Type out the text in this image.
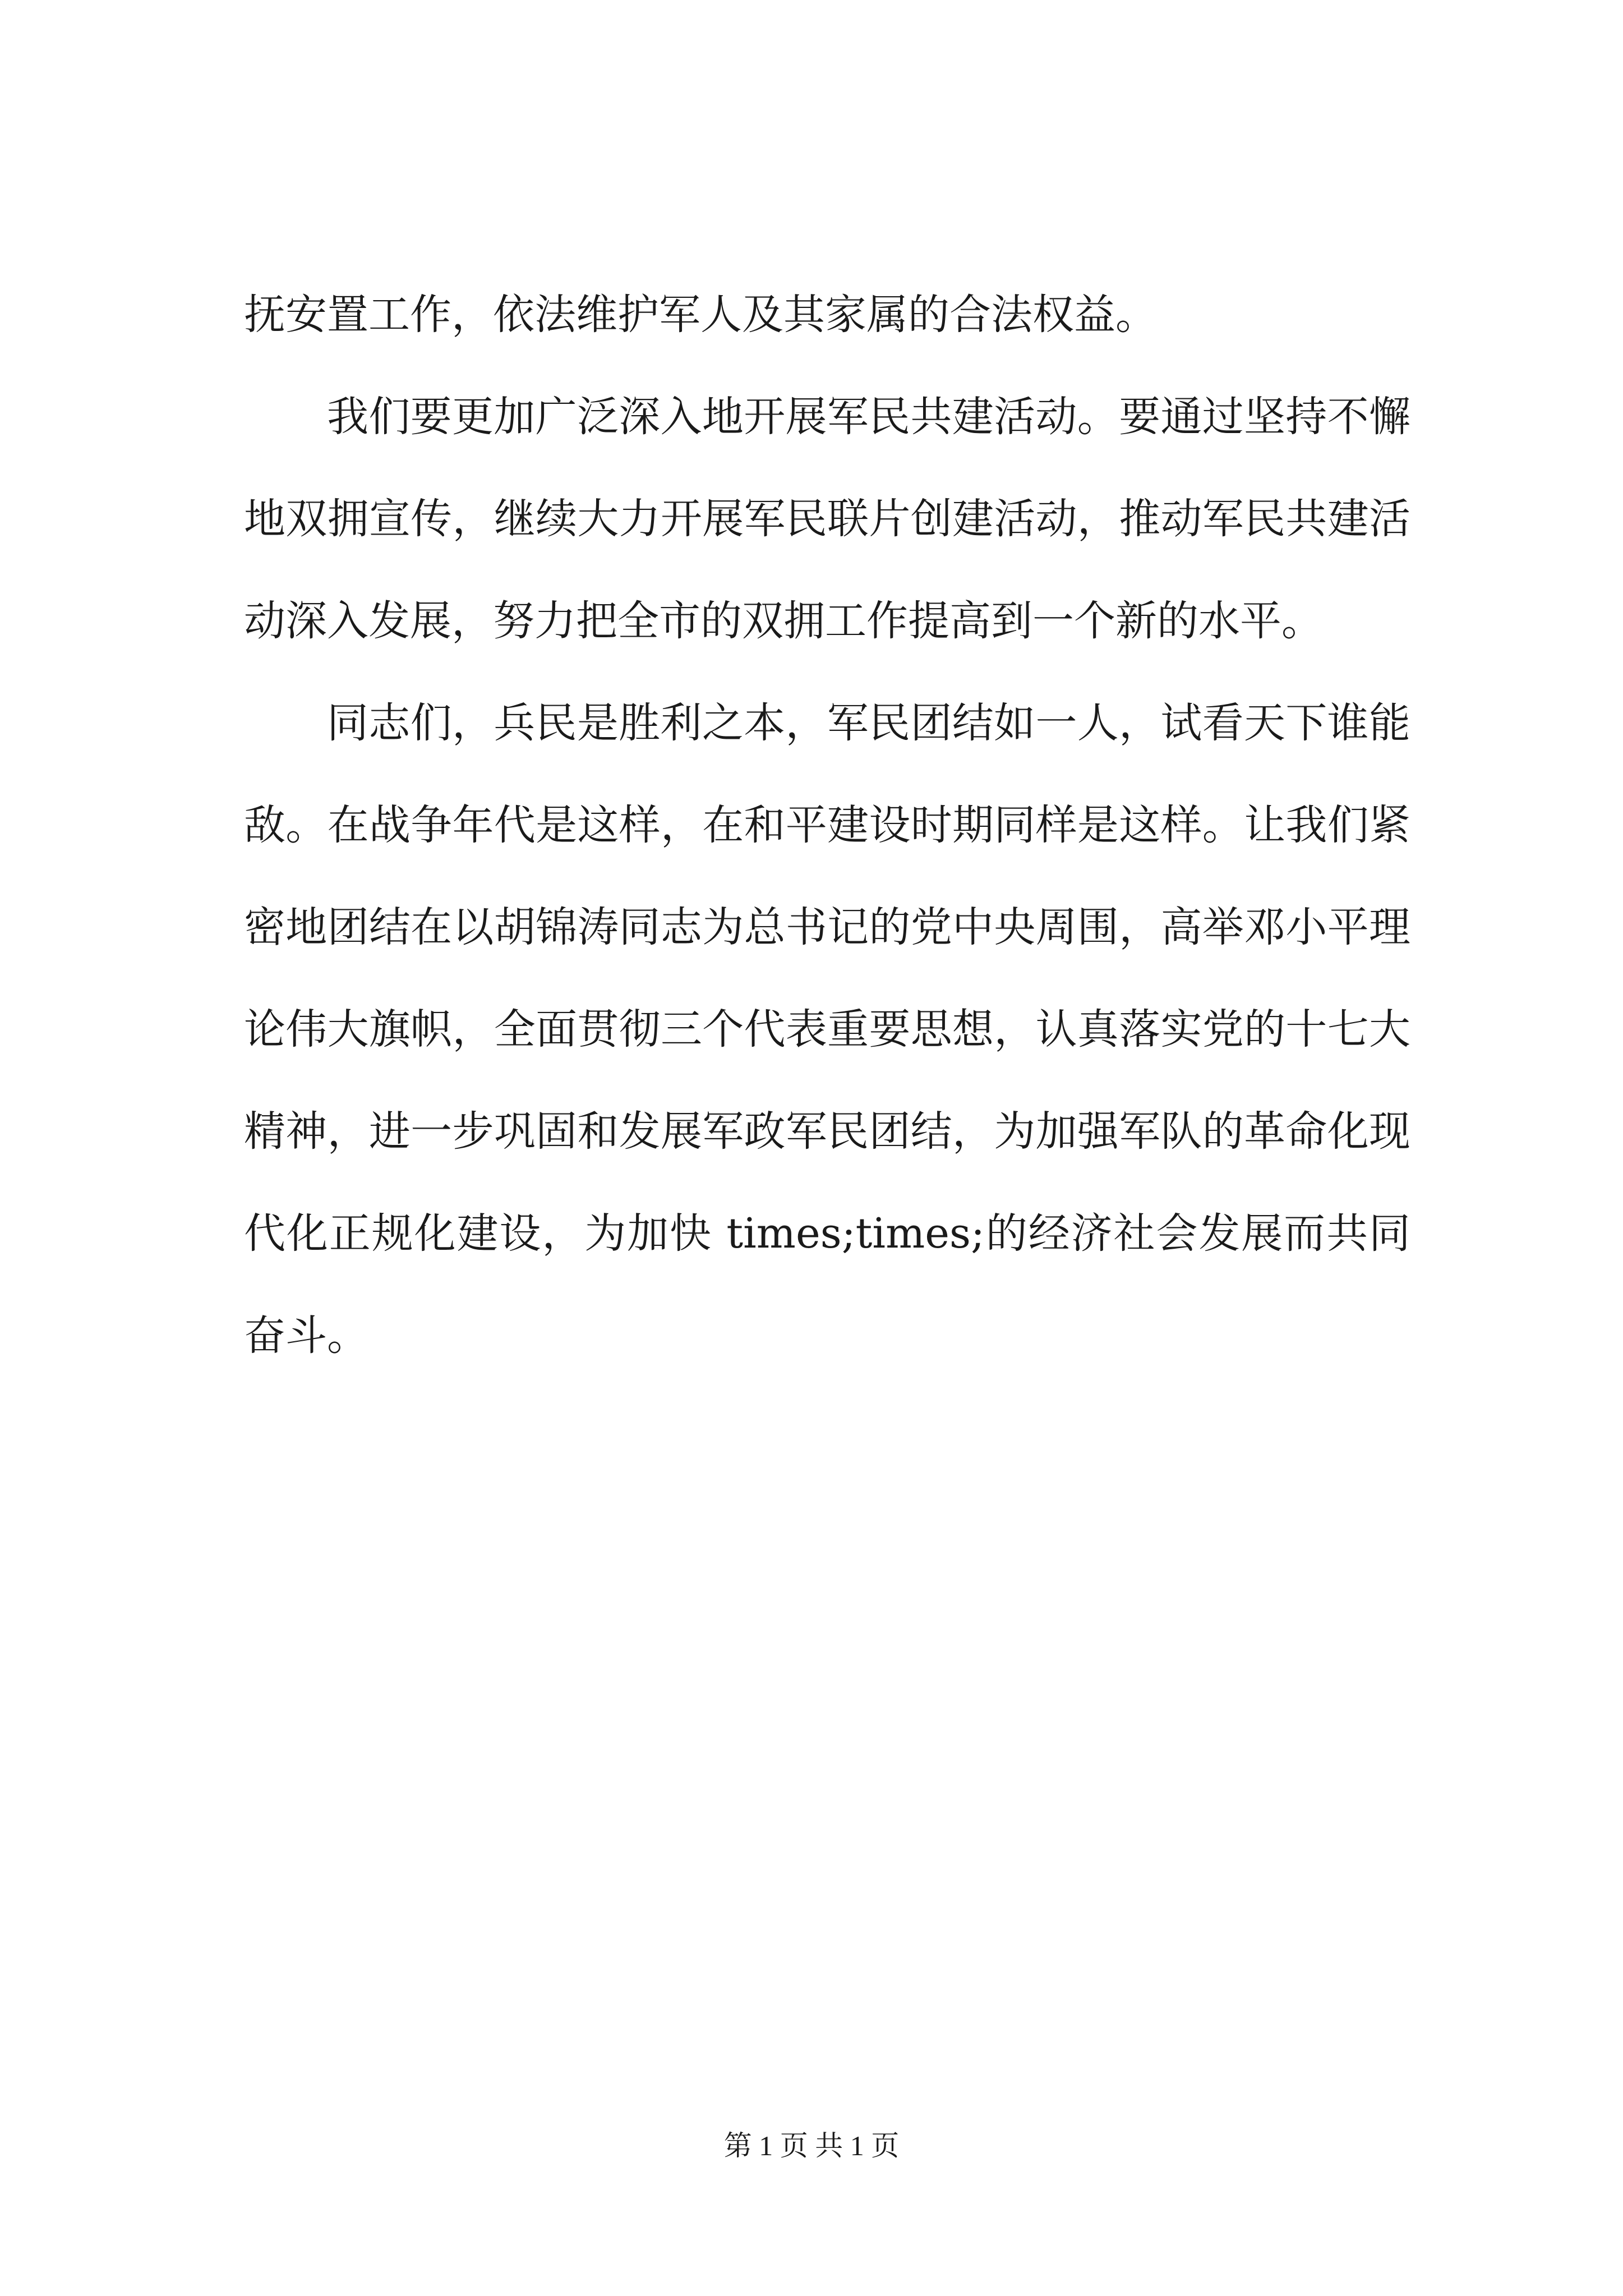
抚安置工作，依法维护军人及其家属的合法权益。
我们要更加广泛深入地开展军民共建活动。要通过坚持不懈
地双拥宣传，继续大力开展军民联片创建活动，推动军民共建活
动深入发展，努力把全市的双拥工作提高到一个新的水平。
同志们，兵民是胜利之本，军民团结如一人，试看天下谁能
敌。在战争年代是这样，在和平建设时期同样是这样。让我们紧
密地团结在以胡锦涛同志为总书记的党中央周围，高举邓小平理
论伟大旗帜，全面贯彻三个代表重要思想，认真落实党的十七大
精神，进一步巩固和发展军政军民团结，为加强军队的革命化现
代化正规化建设，为加快 times;times;的经济社会发展而共同
奋斗。
第 1 页 共 1 页
